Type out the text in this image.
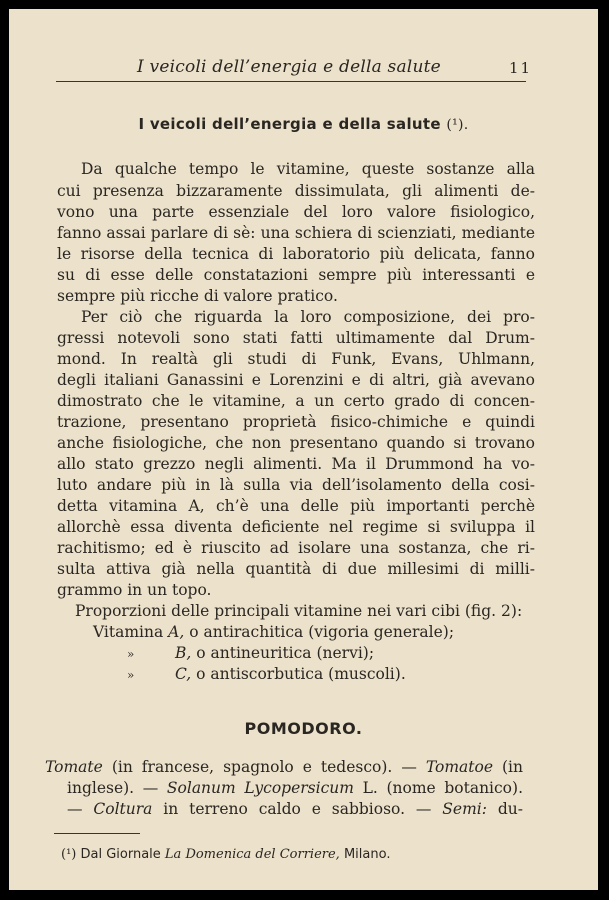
I veicoli dell’energia e della salute	11
I veicoli dell’energia e della salute (¹).
Da qualche tempo le vitamine, queste sostanze alla
cui presenza bizzaramente dissimulata, gli alimenti de-
vono una parte essenziale del loro valore fisiologico,
fanno assai parlare di sè: una schiera di scienziati, mediante
le risorse della tecnica di laboratorio più delicata, fanno
su di esse delle constatazioni sempre più interessanti e
sempre più ricche di valore pratico.
Per ciò che riguarda la loro composizione, dei pro-
gressi notevoli sono stati fatti ultimamente dal Drum-
mond. In realtà gli studi di Funk, Evans, Uhlmann,
degli italiani Ganassini e Lorenzini e di altri, già avevano
dimostrato che le vitamine, a un certo grado di concen-
trazione, presentano proprietà fisico-chimiche e quindi
anche fisiologiche, che non presentano quando si trovano
allo stato grezzo negli alimenti. Ma il Drummond ha vo-
luto andare più in là sulla via dell’isolamento della cosi-
detta vitamina A, ch’è una delle più importanti perchè
allorchè essa diventa deficiente nel regime si sviluppa il
rachitismo; ed è riuscito ad isolare una sostanza, che ri-
sulta attiva già nella quantità di due millesimi di milli-
grammo in un topo.
Proporzioni delle principali vitamine nei vari cibi (fig. 2):
Vitamina A, o antirachitica (vigoria generale);
»	B, o antineuritica (nervi);
»	C, o antiscorbutica (muscoli).
POMODORO.
Tomate (in francese, spagnolo e tedesco). — Tomatoe (in
inglese). — Solanum Lycopersicum L. (nome botanico).
— Coltura in terreno caldo e sabbioso. — Semi: du-
(¹) Dal Giornale La Domenica del Corriere, Milano.
